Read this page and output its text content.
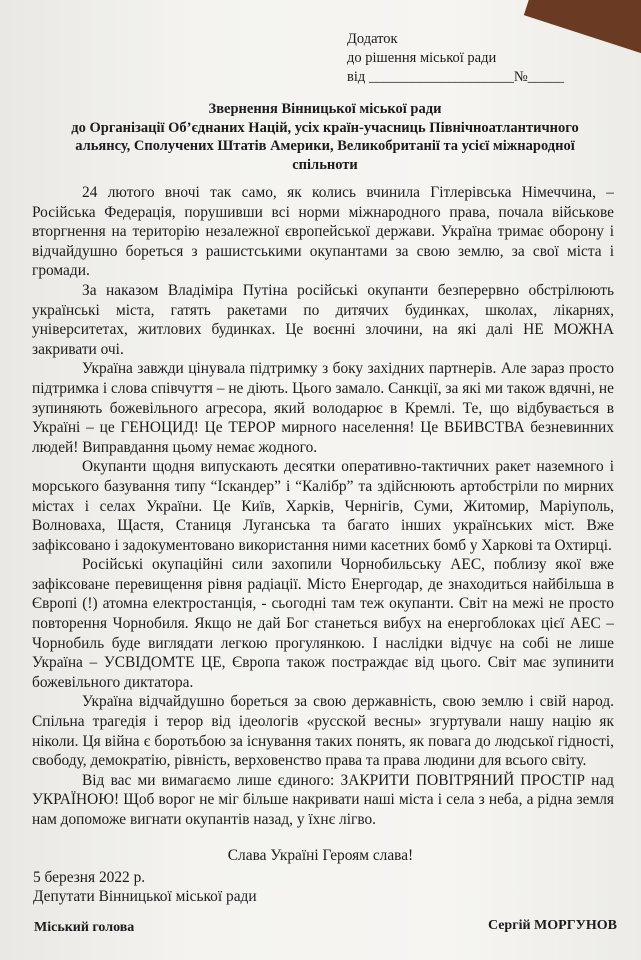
Додаток
до рішення міської ради
від ____________________№_____
Звернення Вінницької міської ради
до Організації Об’єднаних Націй, усіх країн-учасниць Північноатлантичного
альянсу, Сполучених Штатів Америки, Великобританії та усієї міжнародної
спільноти

24 лютого вночі так само, як колись вчинила Гітлерівська Німеччина, – Російська Федерація, порушивши всі норми міжнародного права, почала військове вторгнення на територію незалежної європейської держави. Україна тримає оборону і відчайдушно бореться з рашистськими окупантами за свою землю, за свої міста і громади.

За наказом Владіміра Путіна російські окупанти безперервно обстрілюють українські міста, гатять ракетами по дитячих будинках, школах, лікарнях, університетах, житлових будинках. Це воєнні злочини, на які далі НЕ МОЖНА закривати очі.

Україна завжди цінувала підтримку з боку західних партнерів. Але зараз просто підтримка і слова співчуття – не діють. Цього замало. Санкції, за які ми також вдячні, не зупиняють божевільного агресора, який володарює в Кремлі. Те, що відбувається в Україні – це ГЕНОЦИД! Це ТЕРОР мирного населення! Це ВБИВСТВА безневинних людей! Виправдання цьому немає жодного.

Окупанти щодня випускають десятки оперативно-тактичних ракет наземного і морського базування типу “Іскандер” і “Калібр” та здійснюють артобстріли по мирних містах і селах України. Це Київ, Харків, Чернігів, Суми, Житомир, Маріуполь, Волноваха, Щастя, Станиця Луганська та багато інших українських міст. Вже зафіксовано і задокументовано використання ними касетних бомб у Харкові та Охтирці.

Російські окупаційні сили захопили Чорнобильську АЕС, поблизу якої вже зафіксоване перевищення рівня радіації. Місто Енергодар, де знаходиться найбільша в Європі (!) атомна електростанція, - сьогодні там теж окупанти. Світ на межі не просто повторення Чорнобиля. Якщо не дай Бог станеться вибух на енергоблоках цієї АЕС – Чорнобиль буде виглядати легкою прогулянкою. І наслідки відчує на собі не лише Україна – УСВІДОМТЕ ЦЕ, Європа також постраждає від цього. Світ має зупинити божевільного диктатора.

Україна відчайдушно бореться за свою державність, свою землю і свій народ. Спільна трагедія і терор від ідеологів «русской весны» згуртували нашу націю як ніколи. Ця війна є боротьбою за існування таких понять, як повага до людської гідності, свободу, демократію, рівність, верховенство права та права людини для всього світу.

Від вас ми вимагаємо лише єдиного: ЗАКРИТИ ПОВІТРЯНИЙ ПРОСТІР над УКРАЇНОЮ! Щоб ворог не міг більше накривати наші міста і села з неба, а рідна земля нам допоможе вигнати окупантів назад, у їхнє лігво.

Слава Україні Героям слава!
5 березня 2022 р.
Депутати Вінницької міської ради
Міський голова	Сергій МОРГУНОВ
